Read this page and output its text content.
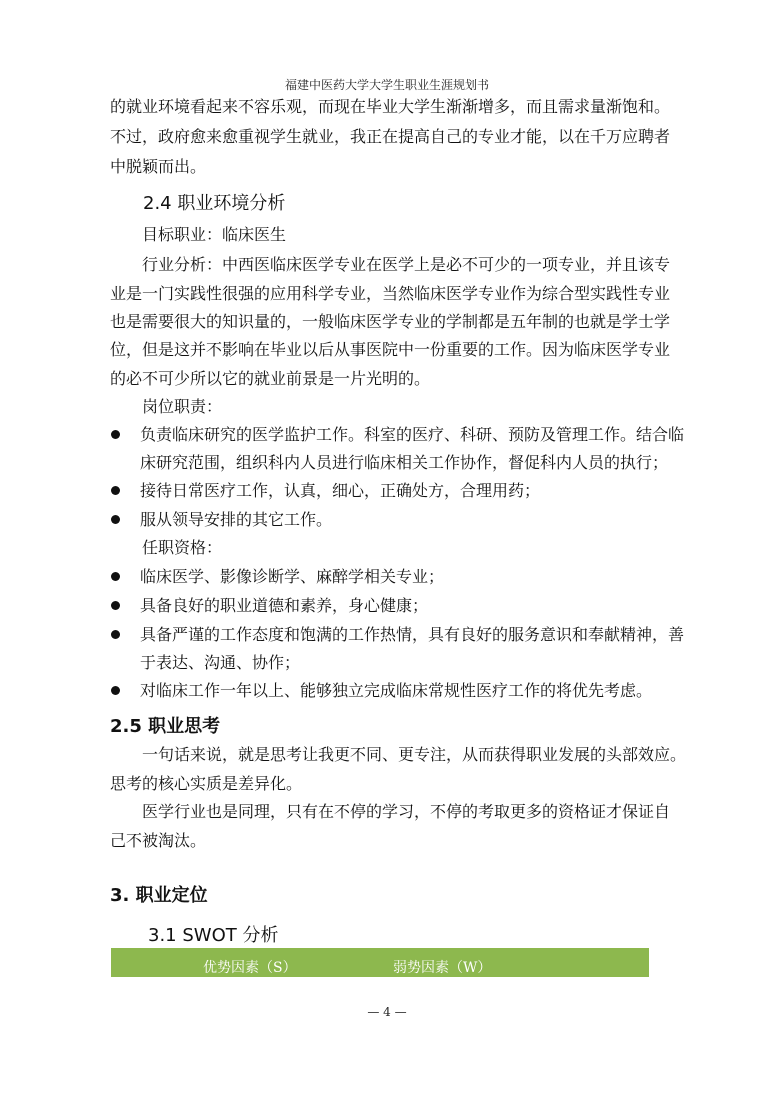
福建中医药大学大学生职业生涯规划书
的就业环境看起来不容乐观，而现在毕业大学生渐渐增多，而且需求量渐饱和。
不过，政府愈来愈重视学生就业，我正在提高自己的专业才能，以在千万应聘者
中脱颖而出。
2.4 职业环境分析
目标职业：临床医生
行业分析：中西医临床医学专业在医学上是必不可少的一项专业，并且该专
业是一门实践性很强的应用科学专业，当然临床医学专业作为综合型实践性专业
也是需要很大的知识量的，一般临床医学专业的学制都是五年制的也就是学士学
位，但是这并不影响在毕业以后从事医院中一份重要的工作。因为临床医学专业
的必不可少所以它的就业前景是一片光明的。
岗位职责：
负责临床研究的医学监护工作。科室的医疗、科研、预防及管理工作。结合临
床研究范围，组织科内人员进行临床相关工作协作，督促科内人员的执行；
接待日常医疗工作，认真，细心，正确处方，合理用药；
服从领导安排的其它工作。
任职资格：
临床医学、影像诊断学、麻醉学相关专业；
具备良好的职业道德和素养，身心健康；
具备严谨的工作态度和饱满的工作热情，具有良好的服务意识和奉献精神，善
于表达、沟通、协作；
对临床工作一年以上、能够独立完成临床常规性医疗工作的将优先考虑。
2.5 职业思考
一句话来说，就是思考让我更不同、更专注，从而获得职业发展的头部效应。
思考的核心实质是差异化。
医学行业也是同理，只有在不停的学习，不停的考取更多的资格证才保证自
己不被淘汰。
3. 职业定位
3.1 SWOT 分析
优势因素（S）	弱势因素（W）
— 4 —
